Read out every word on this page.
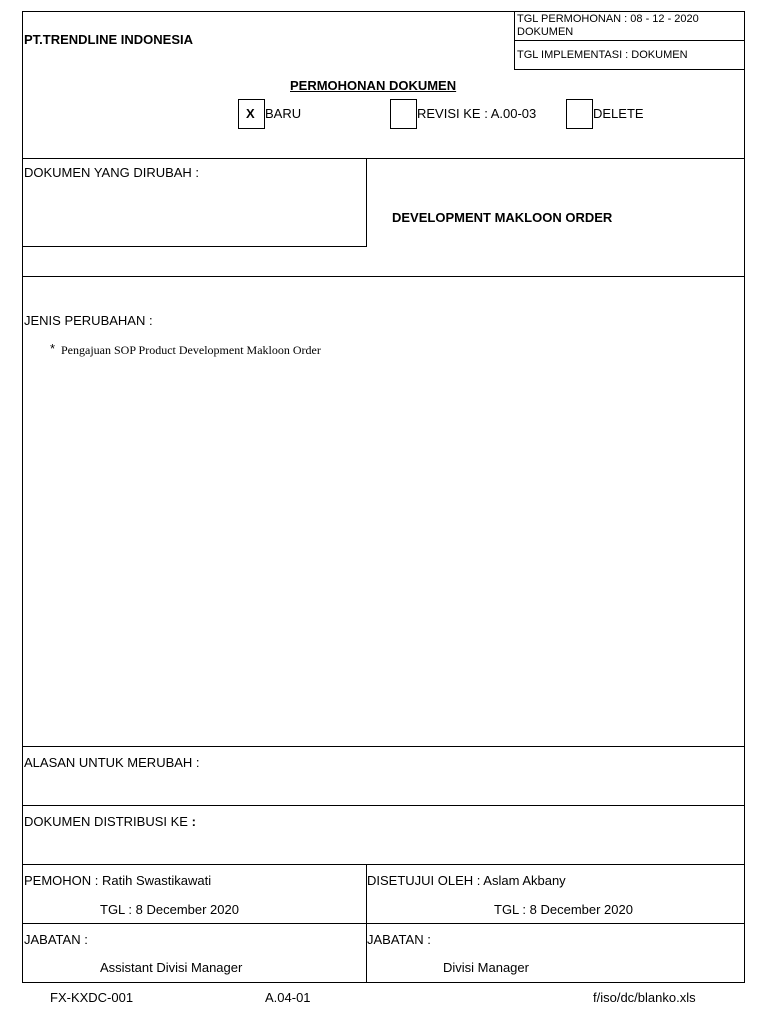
PT.TRENDLINE INDONESIA
TGL PERMOHONAN : 08 - 12 - 2020
DOKUMEN
TGL IMPLEMENTASI : DOKUMEN
PERMOHONAN DOKUMEN
X BARU	REVISI KE : A.00-03	DELETE
DOKUMEN YANG DIRUBAH :
DEVELOPMENT MAKLOON ORDER
JENIS PERUBAHAN :
* Pengajuan SOP Product Development Makloon Order
ALASAN UNTUK MERUBAH :
DOKUMEN DISTRIBUSI KE :
PEMOHON : Ratih Swastikawati
TGL : 8 December 2020
DISETUJUI OLEH : Aslam Akbany
TGL : 8 December 2020
JABATAN :
Assistant Divisi Manager
JABATAN :
Divisi Manager
FX-KXDC-001	A.04-01	f/iso/dc/blanko.xls
